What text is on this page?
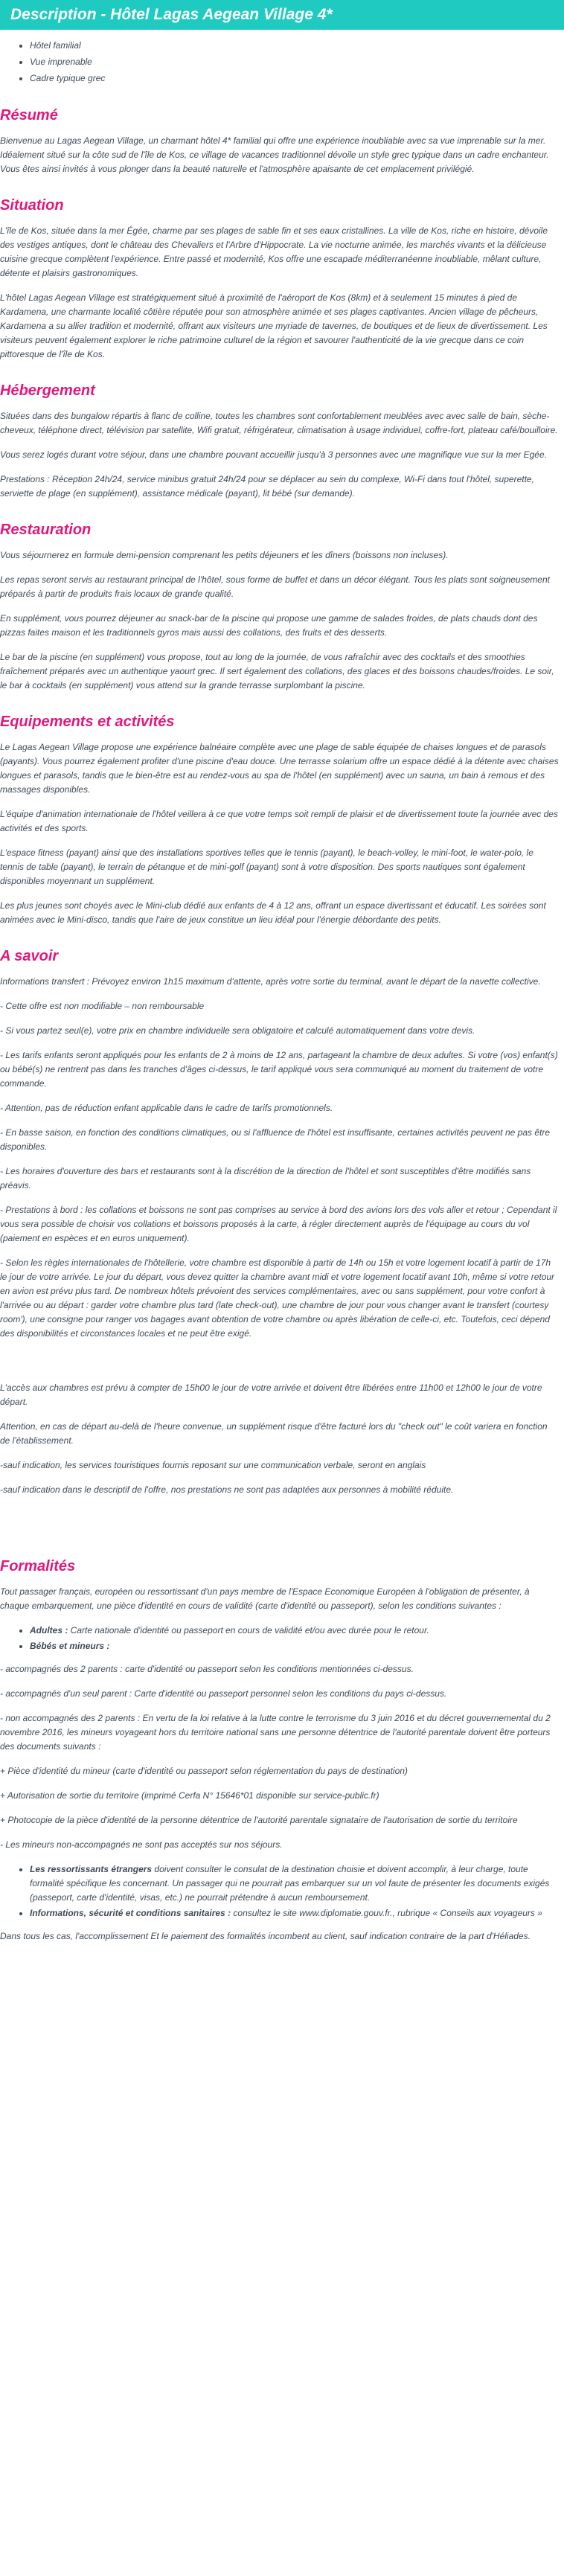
Description - Hôtel Lagas Aegean Village 4*
• Hôtel familial
• Vue imprenable
• Cadre typique grec
Résumé

Bienvenue au Lagas Aegean Village, un charmant hôtel 4* familial qui offre une expérience inoubliable avec sa vue imprenable sur la mer. Idéalement situé sur la côte sud de l'île de Kos, ce village de vacances traditionnel dévoile un style grec typique dans un cadre enchanteur. Vous êtes ainsi invités à vous plonger dans la beauté naturelle et l'atmosphère apaisante de cet emplacement privilégié.

Situation

L'île de Kos, située dans la mer Égée, charme par ses plages de sable fin et ses eaux cristallines. La ville de Kos, riche en histoire, dévoile des vestiges antiques, dont le château des Chevaliers et l'Arbre d'Hippocrate. La vie nocturne animée, les marchés vivants et la délicieuse cuisine grecque complètent l'expérience. Entre passé et modernité, Kos offre une escapade méditerranéenne inoubliable, mêlant culture, détente et plaisirs gastronomiques.

L'hôtel Lagas Aegean Village est stratégiquement situé à proximité de l'aéroport de Kos (8km) et à seulement 15 minutes à pied de Kardamena, une charmante localité côtière réputée pour son atmosphère animée et ses plages captivantes. Ancien village de pêcheurs, Kardamena a su allier tradition et modernité, offrant aux visiteurs une myriade de tavernes, de boutiques et de lieux de divertissement. Les visiteurs peuvent également explorer le riche patrimoine culturel de la région et savourer l'authenticité de la vie grecque dans ce coin pittoresque de l'île de Kos.

Hébergement

Situées dans des bungalow répartis à flanc de colline, toutes les chambres sont confortablement meublées avec avec salle de bain, sèche-cheveux, téléphone direct, télévision par satellite, Wifi gratuit, réfrigérateur, climatisation à usage individuel, coffre-fort, plateau café/bouilloire.

Vous serez logés durant votre séjour, dans une chambre pouvant accueillir jusqu'à 3 personnes avec une magnifique vue sur la mer Egée.

Prestations : Réception 24h/24, service minibus gratuit 24h/24 pour se déplacer au sein du complexe, Wi-Fi dans tout l'hôtel, superette, serviette de plage (en supplément), assistance médicale (payant), lit bébé (sur demande).

Restauration

Vous séjournerez en formule demi-pension comprenant les petits déjeuners et les dîners (boissons non incluses).

Les repas seront servis au restaurant principal de l'hôtel, sous forme de buffet et dans un décor élégant. Tous les plats sont soigneusement préparés à partir de produits frais locaux de grande qualité.

En supplément, vous pourrez déjeuner au snack-bar de la piscine qui propose une gamme de salades froides, de plats chauds dont des pizzas faites maison et les traditionnels gyros mais aussi des collations, des fruits et des desserts.

Le bar de la piscine (en supplément) vous propose, tout au long de la journée, de vous rafraîchir avec des cocktails et des smoothies fraîchement préparés avec un authentique yaourt grec. Il sert également des collations, des glaces et des boissons chaudes/froides. Le soir, le bar à cocktails (en supplément) vous attend sur la grande terrasse surplombant la piscine.

Equipements et activités

Le Lagas Aegean Village propose une expérience balnéaire complète avec une plage de sable équipée de chaises longues et de parasols (payants). Vous pourrez également profiter d'une piscine d'eau douce. Une terrasse solarium offre un espace dédié à la détente avec chaises longues et parasols, tandis que le bien-être est au rendez-vous au spa de l'hôtel (en supplément) avec un sauna, un bain à remous et des massages disponibles.

L'équipe d'animation internationale de l'hôtel veillera à ce que votre temps soit rempli de plaisir et de divertissement toute la journée avec des activités et des sports.

L'espace fitness (payant) ainsi que des installations sportives telles que le tennis (payant), le beach-volley, le mini-foot, le water-polo, le tennis de table (payant), le terrain de pétanque et de mini-golf (payant) sont à votre disposition. Des sports nautiques sont également disponibles moyennant un supplément.

Les plus jeunes sont choyés avec le Mini-club dédié aux enfants de 4 à 12 ans, offrant un espace divertissant et éducatif. Les soirées sont animées avec le Mini-disco, tandis que l'aire de jeux constitue un lieu idéal pour l'énergie débordante des petits.

A savoir

Informations transfert : Prévoyez environ 1h15 maximum d'attente, après votre sortie du terminal, avant le départ de la navette collective.

- Cette offre est non modifiable – non remboursable

- Si vous partez seul(e), votre prix en chambre individuelle sera obligatoire et calculé automatiquement dans votre devis.

- Les tarifs enfants seront appliqués pour les enfants de 2 à moins de 12 ans, partageant la chambre de deux adultes. Si votre (vos) enfant(s) ou bébé(s) ne rentrent pas dans les tranches d'âges ci-dessus, le tarif appliqué vous sera communiqué au moment du traitement de votre commande.

- Attention, pas de réduction enfant applicable dans le cadre de tarifs promotionnels.

- En basse saison, en fonction des conditions climatiques, ou si l'affluence de l'hôtel est insuffisante, certaines activités peuvent ne pas être disponibles.

- Les horaires d'ouverture des bars et restaurants sont à la discrétion de la direction de l'hôtel et sont susceptibles d'être modifiés sans préavis.

- Prestations à bord : les collations et boissons ne sont pas comprises au service à bord des avions lors des vols aller et retour ; Cependant il vous sera possible de choisir vos collations et boissons proposés à la carte, à régler directement auprès de l'équipage au cours du vol (paiement en espèces et en euros uniquement).

- Selon les règles internationales de l'hôtellerie, votre chambre est disponible à partir de 14h ou 15h et votre logement locatif à partir de 17h le jour de votre arrivée. Le jour du départ, vous devez quitter la chambre avant midi et votre logement locatif avant 10h, même si votre retour en avion est prévu plus tard. De nombreux hôtels prévoient des services complémentaires, avec ou sans supplément, pour votre confort à l'arrivée ou au départ : garder votre chambre plus tard (late check-out), une chambre de jour pour vous changer avant le transfert (courtesy room'), une consigne pour ranger vos bagages avant obtention de votre chambre ou après libération de celle-ci, etc. Toutefois, ceci dépend des disponibilités et circonstances locales et ne peut être exigé.

L'accès aux chambres est prévu à compter de 15h00 le jour de votre arrivée et doivent être libérées entre 11h00 et 12h00 le jour de votre départ.

Attention, en cas de départ au-delà de l'heure convenue, un supplément risque d'être facturé lors du "check out" le coût variera en fonction de l'établissement.

-sauf indication, les services touristiques fournis reposant sur une communication verbale, seront en anglais

-sauf indication dans le descriptif de l'offre, nos prestations ne sont pas adaptées aux personnes à mobilité réduite.

Formalités

Tout passager français, européen ou ressortissant d'un pays membre de l'Espace Economique Européen à l'obligation de présenter, à chaque embarquement, une pièce d'identité en cours de validité (carte d'identité ou passeport), selon les conditions suivantes :

• Adultes : Carte nationale d'identité ou passeport en cours de validité et/ou avec durée pour le retour.
• Bébés et mineurs :

- accompagnés des 2 parents : carte d'identité ou passeport selon les conditions mentionnées ci-dessus.

- accompagnés d'un seul parent : Carte d'identité ou passeport personnel selon les conditions du pays ci-dessus.

- non accompagnés des 2 parents : En vertu de la loi relative à la lutte contre le terrorisme du 3 juin 2016 et du décret gouvernemental du 2 novembre 2016, les mineurs voyageant hors du territoire national sans une personne détentrice de l'autorité parentale doivent être porteurs des documents suivants :

+ Pièce d'identité du mineur (carte d'identité ou passeport selon réglementation du pays de destination)

+ Autorisation de sortie du territoire (imprimé Cerfa N° 15646*01 disponible sur service-public.fr)

+ Photocopie de la pièce d'identité de la personne détentrice de l'autorité parentale signataire de l'autorisation de sortie du territoire

- Les mineurs non-accompagnés ne sont pas acceptés sur nos séjours.

• Les ressortissants étrangers doivent consulter le consulat de la destination choisie et doivent accomplir, à leur charge, toute formalité spécifique les concernant. Un passager qui ne pourrait pas embarquer sur un vol faute de présenter les documents exigés (passeport, carte d'identité, visas, etc.) ne pourrait prétendre à aucun remboursement.
• Informations, sécurité et conditions sanitaires : consultez le site www.diplomatie.gouv.fr., rubrique « Conseils aux voyageurs »

Dans tous les cas, l'accomplissement Et le paiement des formalités incombent au client, sauf indication contraire de la part d'Héliades.
